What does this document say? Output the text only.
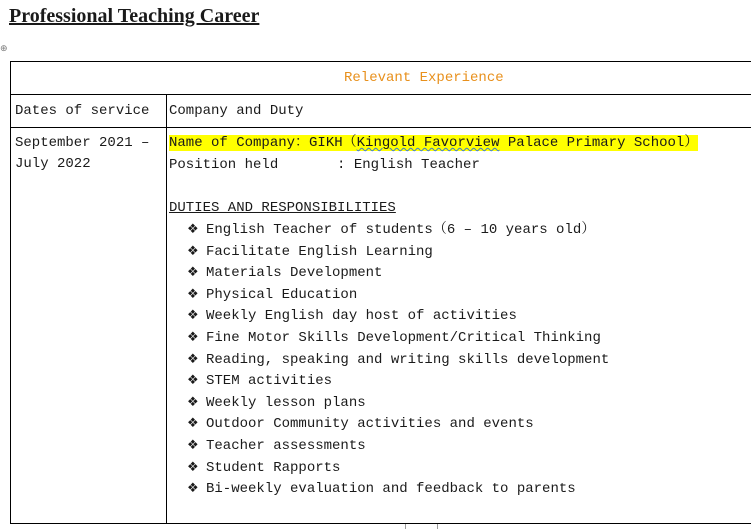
Professional Teaching Career
⊕
Relevant Experience
Dates of service Company and Duty
September 2021 –
July 2022
Name of Company：GIKH（Kingold Favorview Palace Primary School）
Position held       : English Teacher
DUTIES AND RESPONSIBILITIES
❖ English Teacher of students（6 – 10 years old）
❖ Facilitate English Learning
❖ Materials Development
❖ Physical Education
❖ Weekly English day host of activities
❖ Fine Motor Skills Development/Critical Thinking
❖ Reading, speaking and writing skills development
❖ STEM activities
❖ Weekly lesson plans
❖ Outdoor Community activities and events
❖ Teacher assessments
❖ Student Rapports
❖ Bi-weekly evaluation and feedback to parents
